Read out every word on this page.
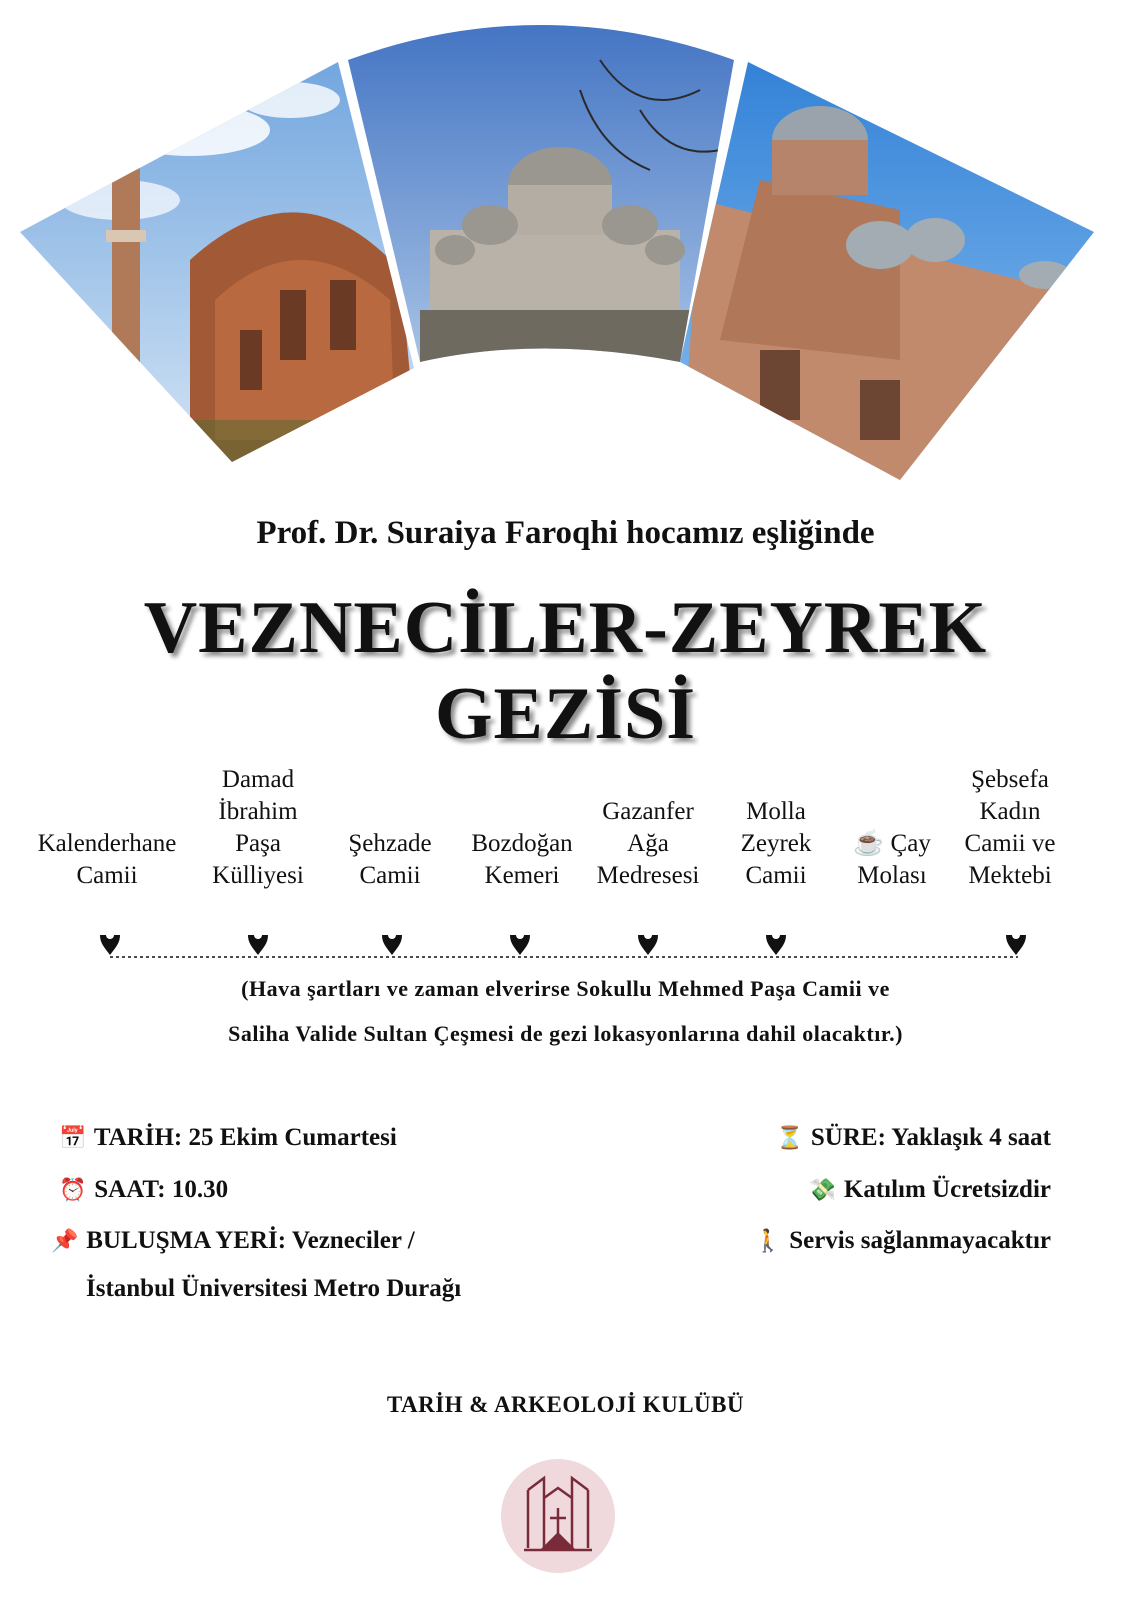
Prof. Dr. Suraiya Faroqhi hocamız eşliğinde
VEZNECİLER-ZEYREK
GEZİSİ
Kalenderhane
Camii
Damad
İbrahim
Paşa
Külliyesi
Şehzade
Camii
Bozdoğan
Kemeri
Gazanfer
Ağa
Medresesi
Molla
Zeyrek
Camii
☕ Çay
Molası
Şebsefa
Kadın
Camii ve
Mektebi
(Hava şartları ve zaman elverirse Sokullu Mehmed Paşa Camii ve
Saliha Valide Sultan Çeşmesi de gezi lokasyonlarına dahil olacaktır.)
📅 TARİH: 25 Ekim Cumartesi
⏰ SAAT: 10.30
📌 BULUŞMA YERİ: Vezneciler /
İstanbul Üniversitesi Metro Durağı
⏳ SÜRE: Yaklaşık 4 saat
💸 Katılım Ücretsizdir
🚶 Servis sağlanmayacaktır
TARİH & ARKEOLOJİ KULÜBÜ
